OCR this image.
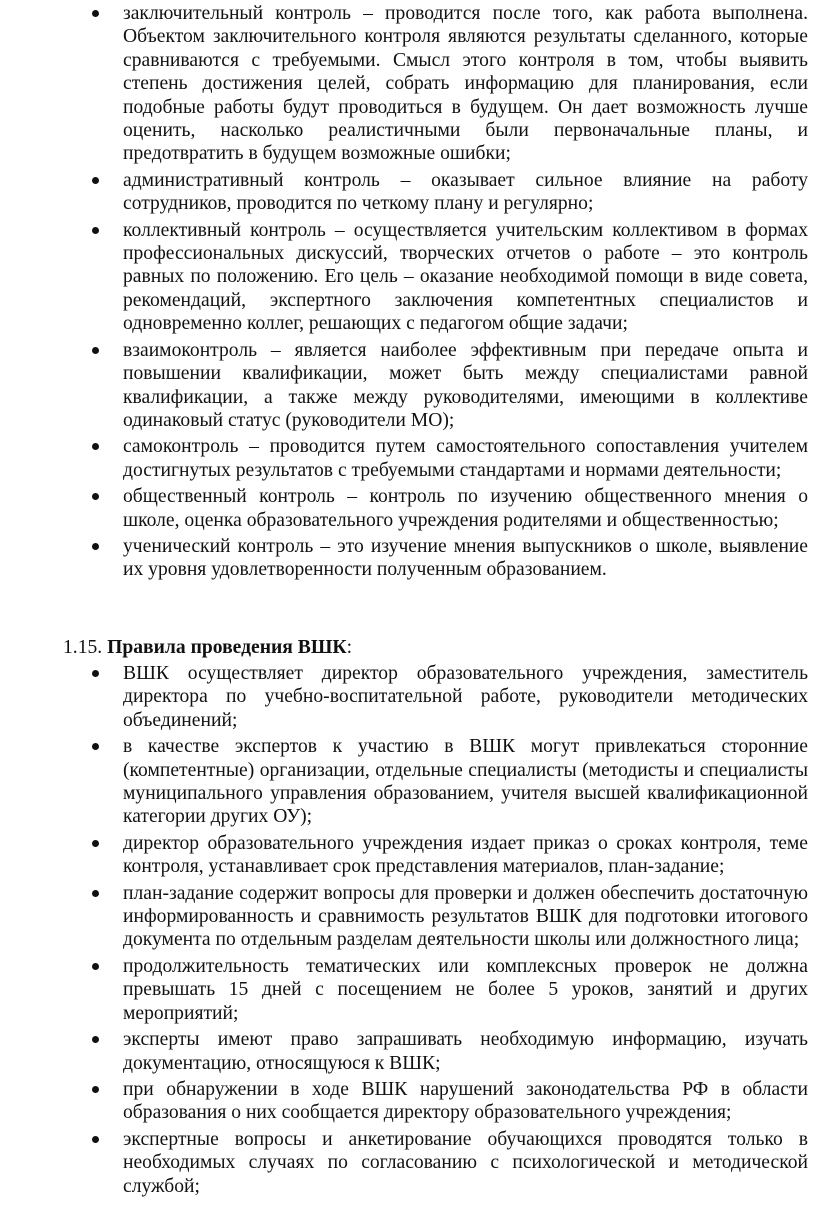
заключительный контроль – проводится после того, как работа выполнена. Объектом заключительного контроля являются результаты сделанного, которые сравниваются с требуемыми. Смысл этого контроля в том, чтобы выявить степень достижения целей, собрать информацию для планирования, если подобные работы будут проводиться в будущем. Он дает возможность лучше оценить, насколько реалистичными были первоначальные планы, и предотвратить в будущем возможные ошибки;
административный контроль – оказывает сильное влияние на работу сотрудников, проводится по четкому плану и регулярно;
коллективный контроль – осуществляется учительским коллективом в формах профессиональных дискуссий, творческих отчетов о работе – это контроль равных по положению. Его цель – оказание необходимой помощи в виде совета, рекомендаций, экспертного заключения компетентных специалистов и одновременно коллег, решающих с педагогом общие задачи;
взаимоконтроль – является наиболее эффективным при передаче опыта и повышении квалификации, может быть между специалистами равной квалификации, а также между руководителями, имеющими в коллективе одинаковый статус (руководители МО);
самоконтроль – проводится путем самостоятельного сопоставления учителем достигнутых результатов с требуемыми стандартами и нормами деятельности;
общественный контроль – контроль по изучению общественного мнения о школе, оценка образовательного учреждения родителями и общественностью;
ученический контроль – это изучение мнения выпускников о школе, выявление их уровня удовлетворенности полученным образованием.
1.15. Правила проведения ВШК:
ВШК осуществляет директор образовательного учреждения, заместитель директора по учебно-воспитательной работе, руководители методических объединений;
в качестве экспертов к участию в ВШК могут привлекаться сторонние (компетентные) организации, отдельные специалисты (методисты и специалисты муниципального управления образованием, учителя высшей квалификационной категории других ОУ);
директор образовательного учреждения издает приказ о сроках контроля, теме контроля, устанавливает срок представления материалов, план-задание;
план-задание содержит вопросы для проверки и должен обеспечить достаточную информированность и сравнимость результатов ВШК для подготовки итогового документа по отдельным разделам деятельности школы или должностного лица;
продолжительность тематических или комплексных проверок не должна превышать 15 дней с посещением не более 5 уроков, занятий и других мероприятий;
эксперты имеют право запрашивать необходимую информацию, изучать документацию, относящуюся к ВШК;
при обнаружении в ходе ВШК нарушений законодательства РФ в области образования о них сообщается директору образовательного учреждения;
экспертные вопросы и анкетирование обучающихся проводятся только в необходимых случаях по согласованию с психологической и методической службой;
